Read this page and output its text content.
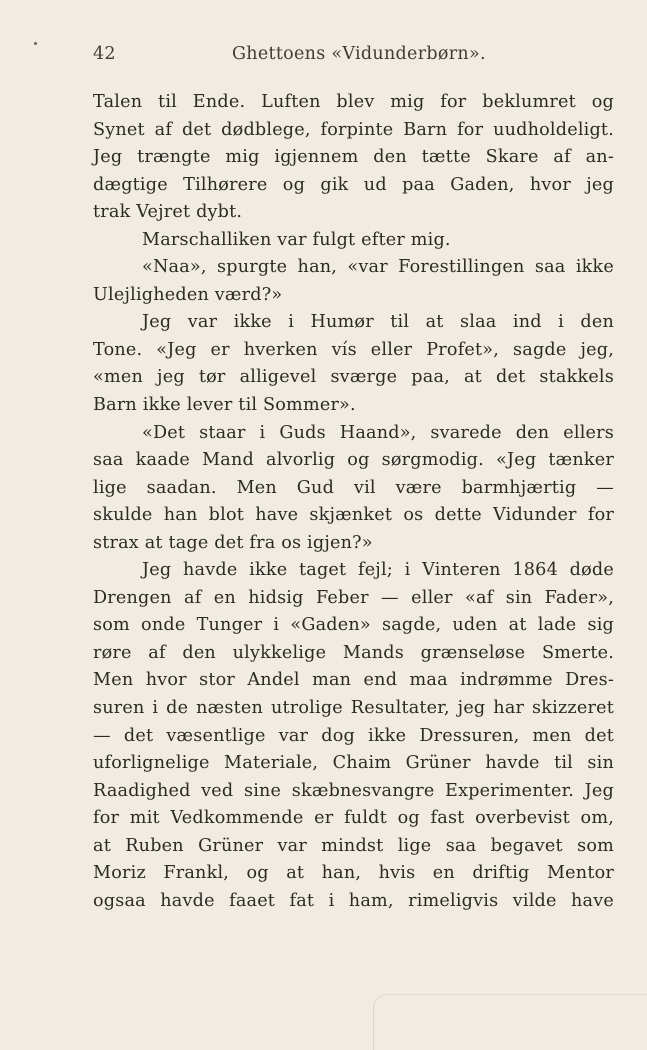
42	Ghettoens «Vidunderbørn».
Talen til Ende. Luften blev mig for beklumret og
Synet af det dødblege, forpinte Barn for uudholdeligt.
Jeg trængte mig igjennem den tætte Skare af an-
dægtige Tilhørere og gik ud paa Gaden, hvor jeg
trak Vejret dybt.
Marschalliken var fulgt efter mig.
«Naa», spurgte han, «var Forestillingen saa ikke
Ulejligheden værd?»
Jeg var ikke i Humør til at slaa ind i den
Tone. «Jeg er hverken vís eller Profet», sagde jeg,
«men jeg tør alligevel sværge paa, at det stakkels
Barn ikke lever til Sommer».
«Det staar i Guds Haand», svarede den ellers
saa kaade Mand alvorlig og sørgmodig. «Jeg tænker
lige saadan. Men Gud vil være barmhjærtig —
skulde han blot have skjænket os dette Vidunder for
strax at tage det fra os igjen?»
Jeg havde ikke taget fejl; i Vinteren 1864 døde
Drengen af en hidsig Feber — eller «af sin Fader»,
som onde Tunger i «Gaden» sagde, uden at lade sig
røre af den ulykkelige Mands grænseløse Smerte.
Men hvor stor Andel man end maa indrømme Dres-
suren i de næsten utrolige Resultater, jeg har skizzeret
— det væsentlige var dog ikke Dressuren, men det
uforlignelige Materiale, Chaim Grüner havde til sin
Raadighed ved sine skæbnesvangre Experimenter. Jeg
for mit Vedkommende er fuldt og fast overbevist om,
at Ruben Grüner var mindst lige saa begavet som
Moriz Frankl, og at han, hvis en driftig Mentor
ogsaa havde faaet fat i ham, rimeligvis vilde have
